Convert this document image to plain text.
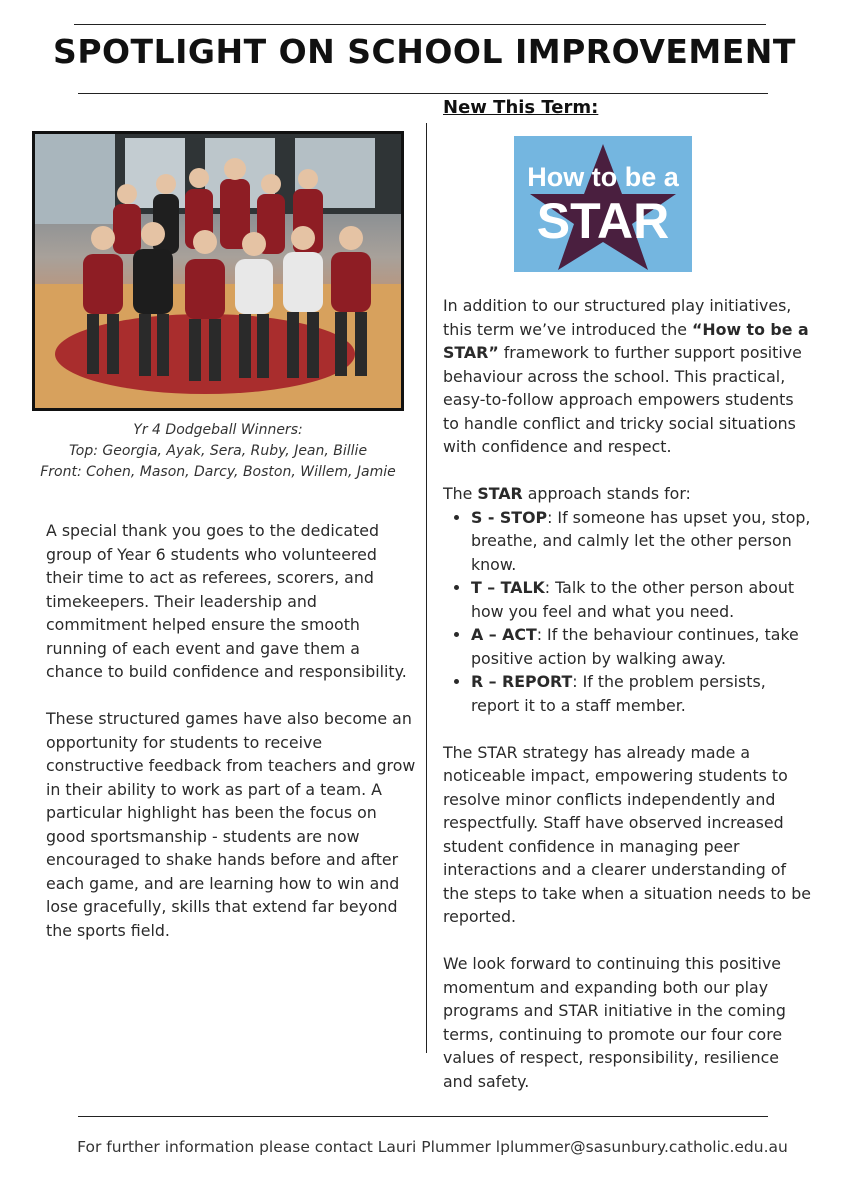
SPOTLIGHT ON SCHOOL IMPROVEMENT
Yr 4 Dodgeball Winners:
Top: Georgia, Ayak, Sera, Ruby, Jean, Billie
Front: Cohen, Mason, Darcy, Boston, Willem, Jamie

A special thank you goes to the dedicated group of Year 6 students who volunteered their time to act as referees, scorers, and timekeepers. Their leadership and commitment helped ensure the smooth running of each event and gave them a chance to build confidence and responsibility.

These structured games have also become an opportunity for students to receive constructive feedback from teachers and grow in their ability to work as part of a team. A particular highlight has been the focus on good sportsmanship - students are now encouraged to shake hands before and after each game, and are learning how to win and lose gracefully, skills that extend far beyond the sports field.

New This Term:
How to be a
STAR

In addition to our structured play initiatives, this term we’ve introduced the “How to be a STAR” framework to further support positive behaviour across the school. This practical, easy-to-follow approach empowers students to handle conflict and tricky social situations with confidence and respect.

The STAR approach stands for:

• S - STOP: If someone has upset you, stop, breathe, and calmly let the other person know.
• T – TALK: Talk to the other person about how you feel and what you need.
• A – ACT: If the behaviour continues, take positive action by walking away.
• R – REPORT: If the problem persists, report it to a staff member.

The STAR strategy has already made a noticeable impact, empowering students to resolve minor conflicts independently and respectfully. Staff have observed increased student confidence in managing peer interactions and a clearer understanding of the steps to take when a situation needs to be reported.

We look forward to continuing this positive momentum and expanding both our play programs and STAR initiative in the coming terms, continuing to promote our four core values of respect, responsibility, resilience and safety.

For further information please contact Lauri Plummer lplummer@sasunbury.catholic.edu.au
